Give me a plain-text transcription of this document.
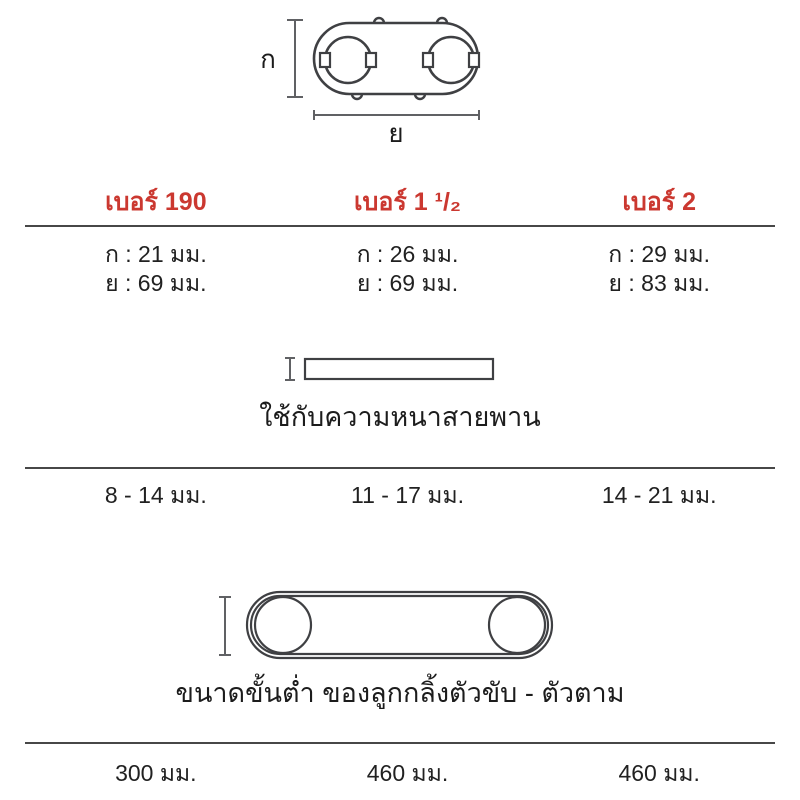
ก
ย
เบอร์ 190	เบอร์ 1 ¹/₂	เบอร์ 2
ก : 21 มม.	ก : 26 มม.	ก : 29 มม.
ย : 69 มม.	ย : 69 มม.	ย : 83 มม.
ใช้กับความหนาสายพาน
8 - 14 มม.	11 - 17 มม.	14 - 21 มม.
ขนาดขั้นต่ำ ของลูกกลิ้งตัวขับ - ตัวตาม
300 มม.	460 มม.	460 มม.
